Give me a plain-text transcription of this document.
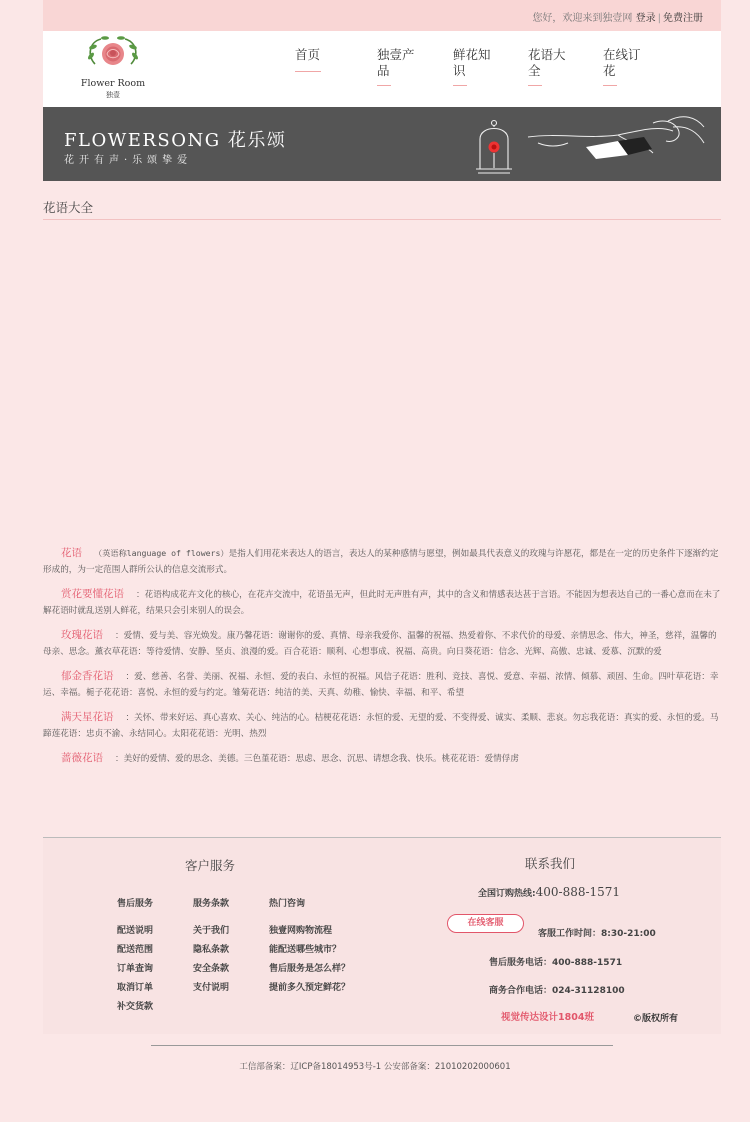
您好，欢迎来到独壹网 登录 | 免费注册
Flower Room
独壹
首页	独壹产品
鲜花知识
花语大全
在线订花
FLOWERSONG 花乐颂
花开有声·乐颂挚爱
花语大全

花语 （英语称language of flowers）是指人们用花来表达人的语言，表达人的某种感情与愿望，例如最具代表意义的玫瑰与许愿花，都是在一定的历史条件下逐渐约定形成的，为一定范围人群所公认的信息交流形式。

赏花要懂花语 ：花语构成花卉文化的核心，在花卉交流中，花语虽无声，但此时无声胜有声，其中的含义和情感表达甚于言语。不能因为想表达自己的一番心意而在未了解花语时就乱送别人鲜花，结果只会引来别人的误会。

玫瑰花语 ：爱情、爱与美、容光焕发。康乃馨花语：谢谢你的爱、真情、母亲我爱你、温馨的祝福、热爱着你、不求代价的母爱、亲情思念、伟大，神圣，慈祥，温馨的母亲、思念。薰衣草花语：等待爱情、安静、坚贞、浪漫的爱。百合花语：顺利、心想事成、祝福、高贵。向日葵花语：信念、光辉、高傲、忠诚、爱慕、沉默的爱

郁金香花语 ：爱、慈善、名誉、美丽、祝福、永恒、爱的表白、永恒的祝福。风信子花语：胜利、竞技、喜悦、爱意、幸福、浓情、倾慕、顽固、生命。四叶草花语：幸运、幸福。栀子花花语：喜悦、永恒的爱与约定。雏菊花语：纯洁的美、天真、幼稚、愉快、幸福、和平、希望

满天星花语 ：关怀、带来好运、真心喜欢、关心、纯洁的心。桔梗花花语：永恒的爱、无望的爱、不变得爱、诚实、柔顺、悲哀。勿忘我花语：真实的爱、永恒的爱。马蹄莲花语：忠贞不渝、永结同心。太阳花花语：光明、热烈

蔷薇花语 ：美好的爱情、爱的思念、美德。三色堇花语：思虑、思念、沉思、请想念我、快乐。桃花花语：爱情俘虏

客户服务
售后服务
配送说明
配送范围
订单查询
取消订单
补交货款
服务条款
关于我们
隐私条款
安全条款
支付说明
热门咨询
独壹网购物流程
能配送哪些城市？
售后服务是怎么样？
提前多久预定鲜花？
联系我们
全国订购热线:400-888-1571
在线客服
客服工作时间：8:30-21:00
售后服务电话：400-888-1571
商务合作电话：024-31128100
视觉传达设计1804班	©版权所有
工信部备案：辽ICP备18014953号-1 公安部备案：21010202000601
